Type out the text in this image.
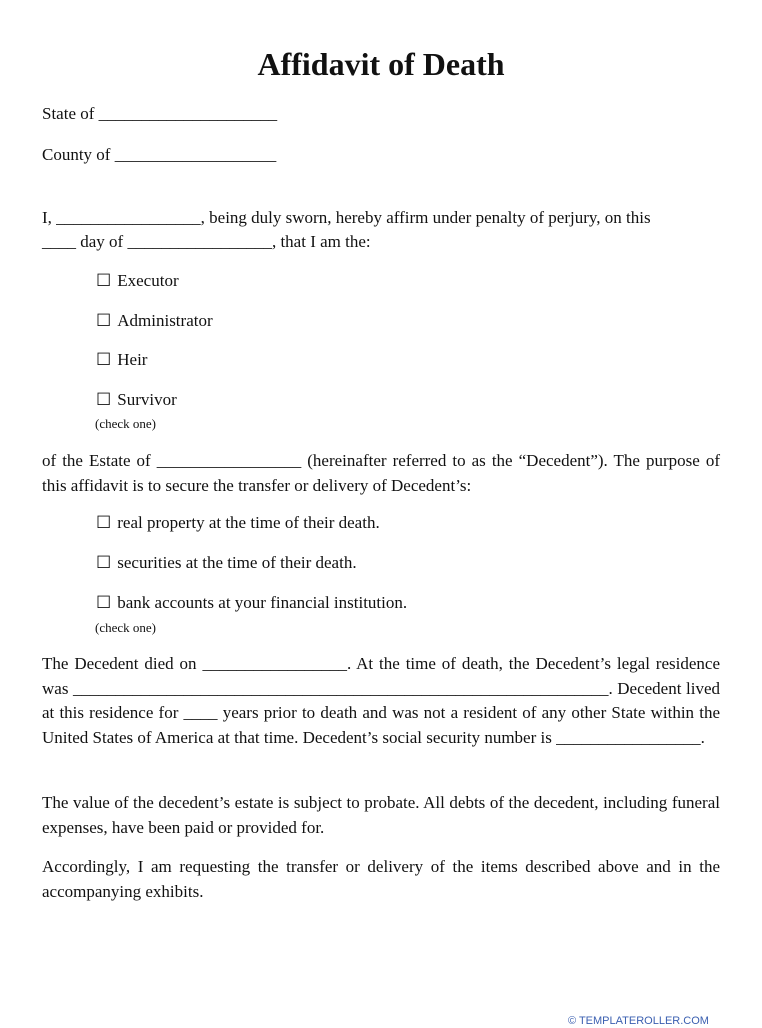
Affidavit of Death
State of _____________________
County of ___________________
I, _________________, being duly sworn, hereby affirm under penalty of perjury, on this
____ day of _________________, that I am the:
☐ Executor
☐ Administrator
☐ Heir
☐ Survivor
(check one)
of the Estate of _________________ (hereinafter referred to as the “Decedent”). The purpose of this affidavit is to secure the transfer or delivery of Decedent’s:
☐ real property at the time of their death.
☐ securities at the time of their death.
☐ bank accounts at your financial institution.
(check one)
The Decedent died on _________________. At the time of death, the Decedent’s legal residence was _______________________________________________________________. Decedent lived at this residence for ____ years prior to death and was not a resident of any other State within the United States of America at that time. Decedent’s social security number is _________________.
The value of the decedent’s estate is subject to probate. All debts of the decedent, including funeral expenses, have been paid or provided for.
Accordingly, I am requesting the transfer or delivery of the items described above and in the accompanying exhibits.
© TEMPLATEROLLER.COM
